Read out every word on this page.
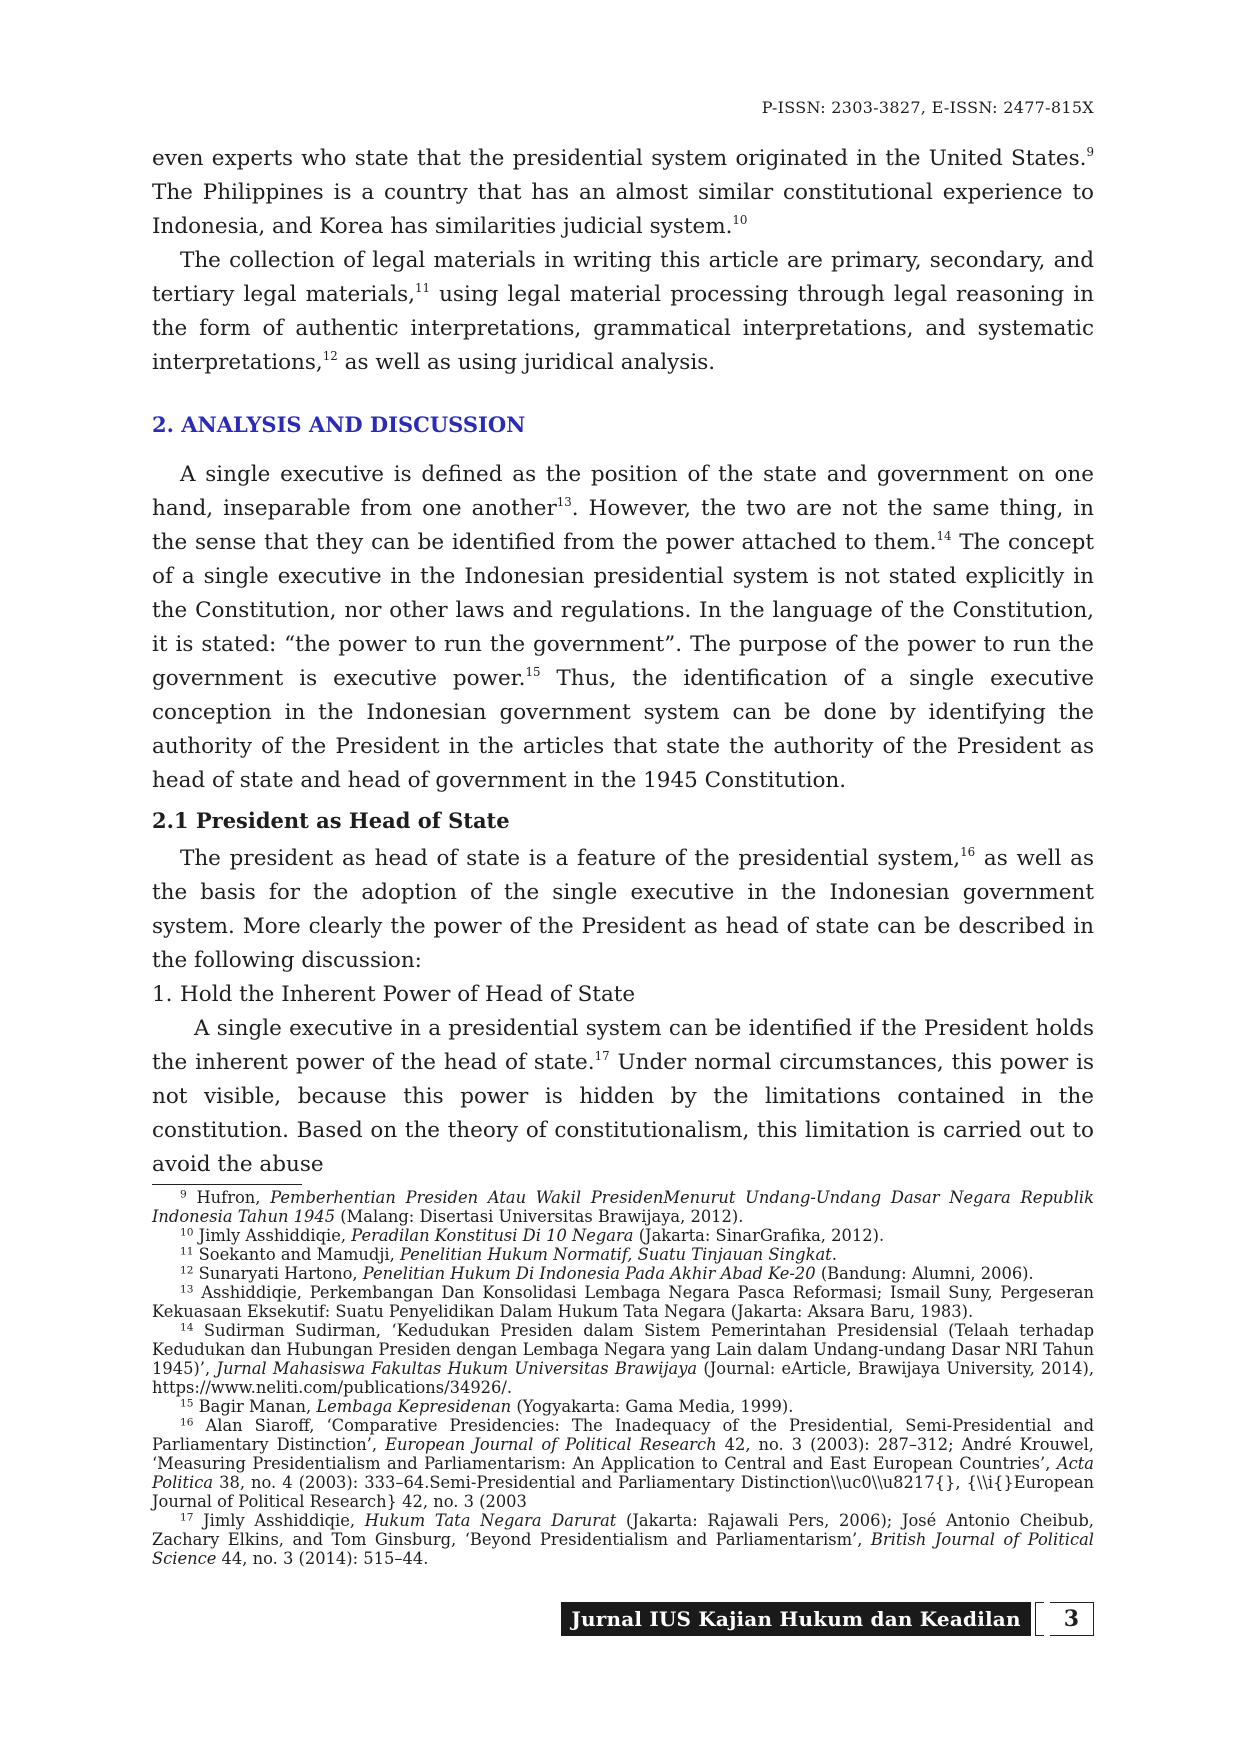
P-ISSN: 2303-3827, E-ISSN: 2477-815X

even experts who state that the presidential system originated in the United States.$^9$ The Philippines is a country that has an almost similar constitutional experience to Indonesia, and Korea has similarities judicial system.$^{10}$

The collection of legal materials in writing this article are primary, secondary, and tertiary legal materials,$^{11}$ using legal material processing through legal reasoning in the form of authentic interpretations, grammatical interpretations, and systematic interpretations,$^{12}$ as well as using juridical analysis.

2. ANALYSIS AND DISCUSSION

A single executive is defined as the position of the state and government on one hand, inseparable from one another$^{13}$. However, the two are not the same thing, in the sense that they can be identified from the power attached to them.$^{14}$ The concept of a single executive in the Indonesian presidential system is not stated explicitly in the Constitution, nor other laws and regulations. In the language of the Constitution, it is stated: “the power to run the government”. The purpose of the power to run the government is executive power.$^{15}$ Thus, the identification of a single executive conception in the Indonesian government system can be done by identifying the authority of the President in the articles that state the authority of the President as head of state and head of government in the 1945 Constitution.

2.1 President as Head of State

The president as head of state is a feature of the presidential system,$^{16}$ as well as the basis for the adoption of the single executive in the Indonesian government system. More clearly the power of the President as head of state can be described in the following discussion:

1. Hold the Inherent Power of Head of State

A single executive in a presidential system can be identified if the President holds the inherent power of the head of state.$^{17}$ Under normal circumstances, this power is not visible, because this power is hidden by the limitations contained in the constitution. Based on the theory of constitutionalism, this limitation is carried out to avoid the abuse

$^9$ Hufron, Pemberhentian Presiden Atau Wakil PresidenMenurut Undang-Undang Dasar Negara Republik Indonesia Tahun 1945 (Malang: Disertasi Universitas Brawijaya, 2012).

$^{10}$ Jimly Asshiddiqie, Peradilan Konstitusi Di 10 Negara (Jakarta: SinarGrafika, 2012).

$^{11}$ Soekanto and Mamudji, Penelitian Hukum Normatif, Suatu Tinjauan Singkat.

$^{12}$ Sunaryati Hartono, Penelitian Hukum Di Indonesia Pada Akhir Abad Ke-20 (Bandung: Alumni, 2006).

$^{13}$ Asshiddiqie, Perkembangan Dan Konsolidasi Lembaga Negara Pasca Reformasi; Ismail Suny, Pergeseran Kekuasaan Eksekutif: Suatu Penyelidikan Dalam Hukum Tata Negara (Jakarta: Aksara Baru, 1983).

$^{14}$ Sudirman Sudirman, ‘Kedudukan Presiden dalam Sistem Pemerintahan Presidensial (Telaah terhadap Kedudukan dan Hubungan Presiden dengan Lembaga Negara yang Lain dalam Undang-undang Dasar NRI Tahun 1945)’, Jurnal Mahasiswa Fakultas Hukum Universitas Brawijaya (Journal: eArticle, Brawijaya University, 2014), https://www.neliti.com/publications/34926/.

$^{15}$ Bagir Manan, Lembaga Kepresidenan (Yogyakarta: Gama Media, 1999).

$^{16}$ Alan Siaroff, ‘Comparative Presidencies: The Inadequacy of the Presidential, Semi-Presidential and Parliamentary Distinction’, European Journal of Political Research 42, no. 3 (2003): 287–312; André Krouwel, ‘Measuring Presidentialism and Parliamentarism: An Application to Central and East European Countries’, Acta Politica 38, no. 4 (2003): 333–64.Semi-Presidential and Parliamentary Distinction\\uc0\\u8217{}, {\\i{}European Journal of Political Research} 42, no. 3 (2003

$^{17}$ Jimly Asshiddiqie, Hukum Tata Negara Darurat (Jakarta: Rajawali Pers, 2006); José Antonio Cheibub, Zachary Elkins, and Tom Ginsburg, ‘Beyond Presidentialism and Parliamentarism’, British Journal of Political Science 44, no. 3 (2014): 515–44.

Jurnal IUS Kajian Hukum dan Keadilan	3
